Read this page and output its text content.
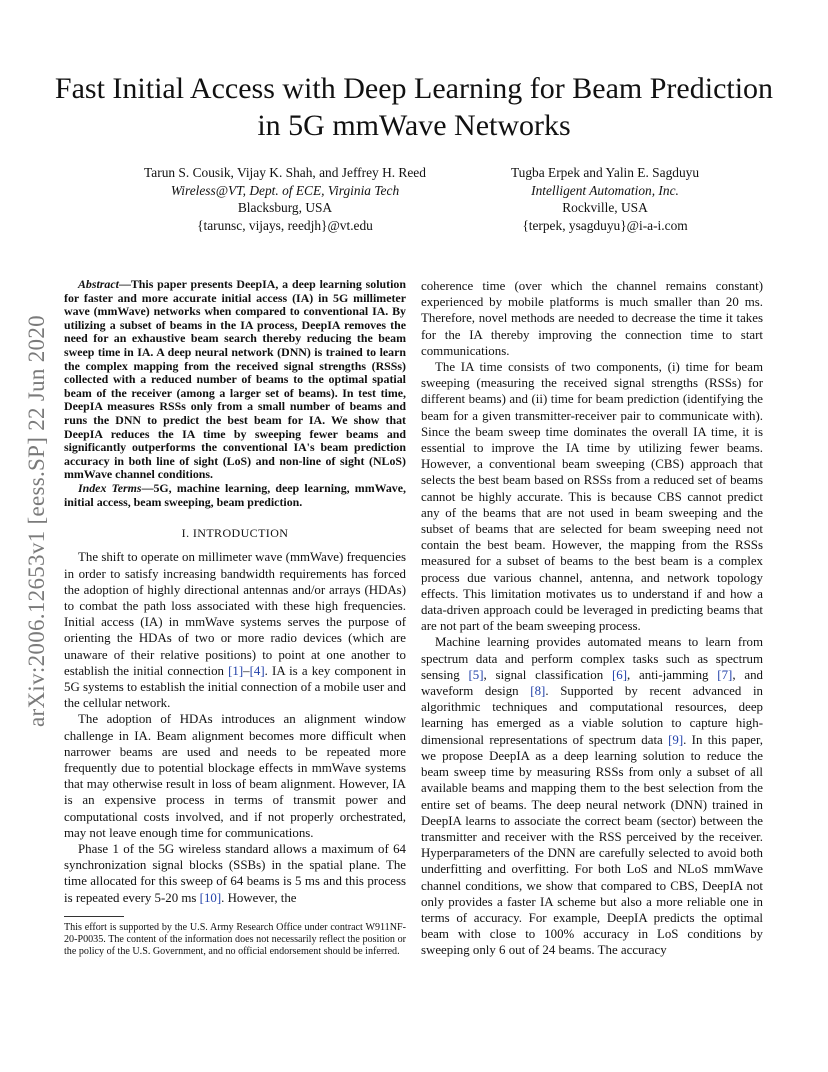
Fast Initial Access with Deep Learning for Beam Prediction in 5G mmWave Networks

Tarun S. Cousik, Vijay K. Shah, and Jeffrey H. Reed

Wireless@VT, Dept. of ECE, Virginia Tech

Blacksburg, USA

{tarunsc, vijays, reedjh}@vt.edu

Tugba Erpek and Yalin E. Sagduyu

Intelligent Automation, Inc.

Rockville, USA

{terpek, ysagduyu}@i-a-i.com

arXiv:2006.12653v1 [eess.SP] 22 Jun 2020

Abstract—This paper presents DeepIA, a deep learning solution for faster and more accurate initial access (IA) in 5G millimeter wave (mmWave) networks when compared to conventional IA. By utilizing a subset of beams in the IA process, DeepIA removes the need for an exhaustive beam search thereby reducing the beam sweep time in IA. A deep neural network (DNN) is trained to learn the complex mapping from the received signal strengths (RSSs) collected with a reduced number of beams to the optimal spatial beam of the receiver (among a larger set of beams). In test time, DeepIA measures RSSs only from a small number of beams and runs the DNN to predict the best beam for IA. We show that DeepIA reduces the IA time by sweeping fewer beams and significantly outperforms the conventional IA's beam prediction accuracy in both line of sight (LoS) and non-line of sight (NLoS) mmWave channel conditions.

Index Terms—5G, machine learning, deep learning, mmWave, initial access, beam sweeping, beam prediction.

I. INTRODUCTION

The shift to operate on millimeter wave (mmWave) frequencies in order to satisfy increasing bandwidth requirements has forced the adoption of highly directional antennas and/or arrays (HDAs) to combat the path loss associated with these high frequencies. Initial access (IA) in mmWave systems serves the purpose of orienting the HDAs of two or more radio devices (which are unaware of their relative positions) to point at one another to establish the initial connection [1]–[4]. IA is a key component in 5G systems to establish the initial connection of a mobile user and the cellular network.

The adoption of HDAs introduces an alignment window challenge in IA. Beam alignment becomes more difficult when narrower beams are used and needs to be repeated more frequently due to potential blockage effects in mmWave systems that may otherwise result in loss of beam alignment. However, IA is an expensive process in terms of transmit power and computational costs involved, and if not properly orchestrated, may not leave enough time for communications.

Phase 1 of the 5G wireless standard allows a maximum of 64 synchronization signal blocks (SSBs) in the spatial plane. The time allocated for this sweep of 64 beams is 5 ms and this process is repeated every 5-20 ms [10]. However, the

This effort is supported by the U.S. Army Research Office under contract W911NF-20-P0035. The content of the information does not necessarily reflect the position or the policy of the U.S. Government, and no official endorsement should be inferred.

coherence time (over which the channel remains constant) experienced by mobile platforms is much smaller than 20 ms. Therefore, novel methods are needed to decrease the time it takes for the IA thereby improving the connection time to start communications.

The IA time consists of two components, (i) time for beam sweeping (measuring the received signal strengths (RSSs) for different beams) and (ii) time for beam prediction (identifying the beam for a given transmitter-receiver pair to communicate with). Since the beam sweep time dominates the overall IA time, it is essential to improve the IA time by utilizing fewer beams. However, a conventional beam sweeping (CBS) approach that selects the best beam based on RSSs from a reduced set of beams cannot be highly accurate. This is because CBS cannot predict any of the beams that are not used in beam sweeping and the subset of beams that are selected for beam sweeping need not contain the best beam. However, the mapping from the RSSs measured for a subset of beams to the best beam is a complex process due various channel, antenna, and network topology effects. This limitation motivates us to understand if and how a data-driven approach could be leveraged in predicting beams that are not part of the beam sweeping process.

Machine learning provides automated means to learn from spectrum data and perform complex tasks such as spectrum sensing [5], signal classification [6], anti-jamming [7], and waveform design [8]. Supported by recent advanced in algorithmic techniques and computational resources, deep learning has emerged as a viable solution to capture high-dimensional representations of spectrum data [9]. In this paper, we propose DeepIA as a deep learning solution to reduce the beam sweep time by measuring RSSs from only a subset of all available beams and mapping them to the best selection from the entire set of beams. The deep neural network (DNN) trained in DeepIA learns to associate the correct beam (sector) between the transmitter and receiver with the RSS perceived by the receiver. Hyperparameters of the DNN are carefully selected to avoid both underfitting and overfitting. For both LoS and NLoS mmWave channel conditions, we show that compared to CBS, DeepIA not only provides a faster IA scheme but also a more reliable one in terms of accuracy. For example, DeepIA predicts the optimal beam with close to 100% accuracy in LoS conditions by sweeping only 6 out of 24 beams. The accuracy
